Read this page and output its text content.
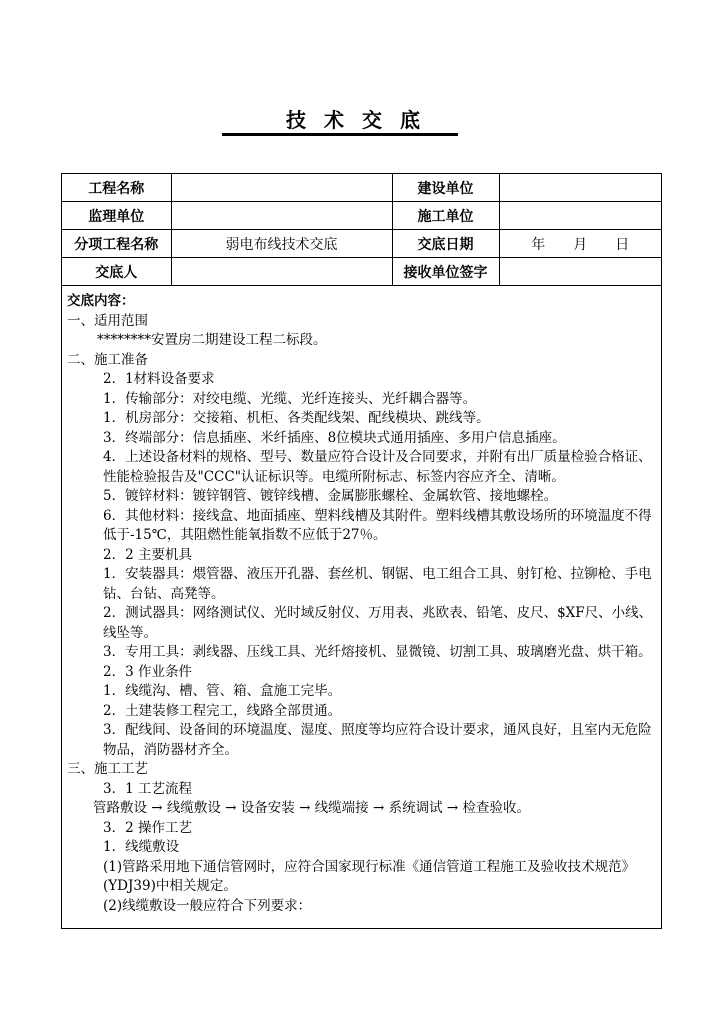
技术交底
工程名称		建设单位	
监理单位		施工单位	
分项工程名称	弱电布线技术交底	交底日期	年 月 日
交底人		接收单位签字	

交底内容：

一、适用范围

********安置房二期建设工程二标段。

二、施工准备

2．1材料设备要求

1．传输部分：对绞电缆、光缆、光纤连接头、光纤耦合器等。

1．机房部分：交接箱、机柜、各类配线架、配线模块、跳线等。

3．终端部分：信息插座、米纤插座、8位模块式通用插座、多用户信息插座。

4．上述设备材料的规格、型号、数量应符合设计及合同要求，并附有出厂质量检验合格证、性能检验报告及"CCC"认证标识等。电缆所附标志、标签内容应齐全、清晰。

5．镀锌材料：镀锌钢管、镀锌线槽、金属膨胀螺栓、金属软管、接地螺栓。

6．其他材料：接线盒、地面插座、塑料线槽及其附件。塑料线槽其敷设场所的环境温度不得低于-15℃，其阻燃性能氧指数不应低于27％。

2．2 主要机具

1．安装器具：煨管器、液压开孔器、套丝机、钢锯、电工组合工具、射钉枪、拉铆枪、手电钻、台钻、高凳等。

2．测试器具：网络测试仪、光时域反射仪、万用表、兆欧表、铅笔、皮尺、$XF尺、小线、线坠等。

3．专用工具：剥线器、压线工具、光纤熔接机、显微镜、切割工具、玻璃磨光盘、烘干箱。

2．3 作业条件

1．线缆沟、槽、管、箱、盒施工完毕。

2．土建装修工程完工，线路全部贯通。

3．配线间、设备间的环境温度、湿度、照度等均应符合设计要求，通风良好，且室内无危险物品，消防器材齐全。

三、施工工艺

3．1 工艺流程

管路敷设 → 线缆敷设 → 设备安装 → 线缆端接 → 系统调试 → 检查验收。

3．2 操作工艺

1．线缆敷设

(1)管路采用地下通信管网时，应符合国家现行标准《通信管道工程施工及验收技术规范》(YDJ39)中相关规定。

(2)线缆敷设一般应符合下列要求：
